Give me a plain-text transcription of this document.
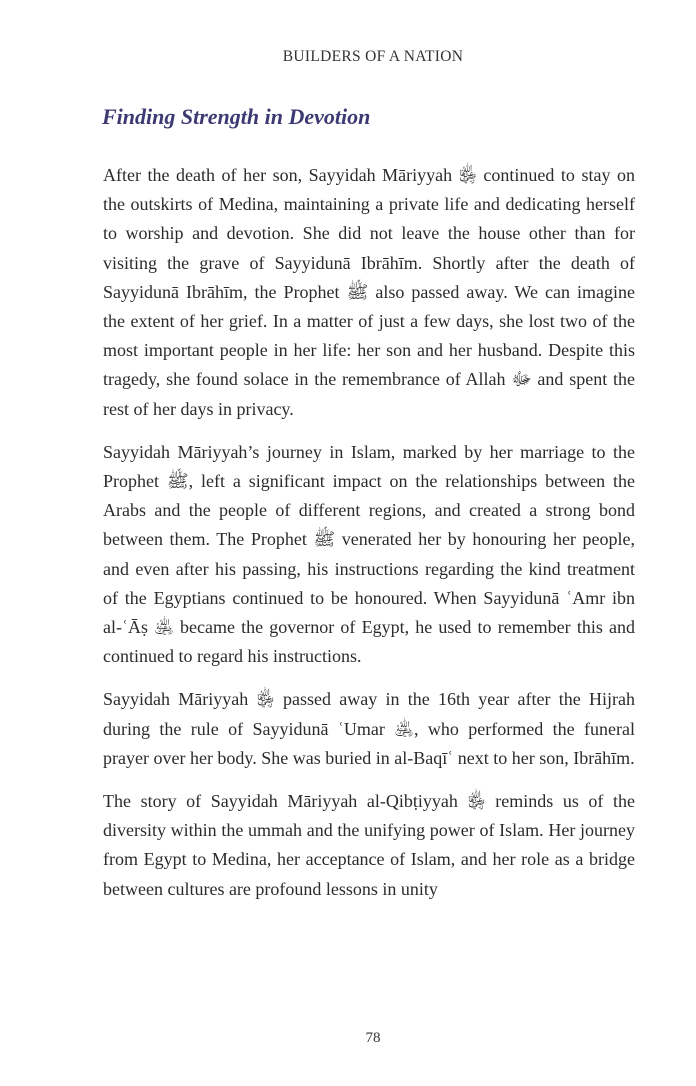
BUILDERS OF A NATION
Finding Strength in Devotion

After the death of her son, Sayyidah Māriyyah ﵂ continued to stay on the outskirts of Medina, maintaining a private life and dedicating herself to worship and devotion. She did not leave the house other than for visiting the grave of Sayyidunā Ibrāhīm. Shortly after the death of Sayyidunā Ibrāhīm, the Prophet ﷺ also passed away. We can imagine the extent of her grief. In a matter of just a few days, she lost two of the most important people in her life: her son and her husband. Despite this tragedy, she found solace in the remembrance of Allah ﷻ and spent the rest of her days in privacy.

Sayyidah Māriyyah’s journey in Islam, marked by her marriage to the Prophet ﷺ, left a significant impact on the relationships between the Arabs and the people of different regions, and created a strong bond between them. The Prophet ﷺ venerated her by honouring her people, and even after his passing, his instructions regarding the kind treatment of the Egyptians continued to be honoured. When Sayyidunā ʿAmr ibn al-ʿĀṣ ﵁ became the governor of Egypt, he used to remember this and continued to regard his instructions.

Sayyidah Māriyyah ﵂ passed away in the 16th year after the Hijrah during the rule of Sayyidunā ʿUmar ﵁, who performed the funeral prayer over her body. She was buried in al-Baqīʿ next to her son, Ibrāhīm.

The story of Sayyidah Māriyyah al-Qibṭiyyah ﵂ reminds us of the diversity within the ummah and the unifying power of Islam. Her journey from Egypt to Medina, her acceptance of Islam, and her role as a bridge between cultures are profound lessons in unity

78
